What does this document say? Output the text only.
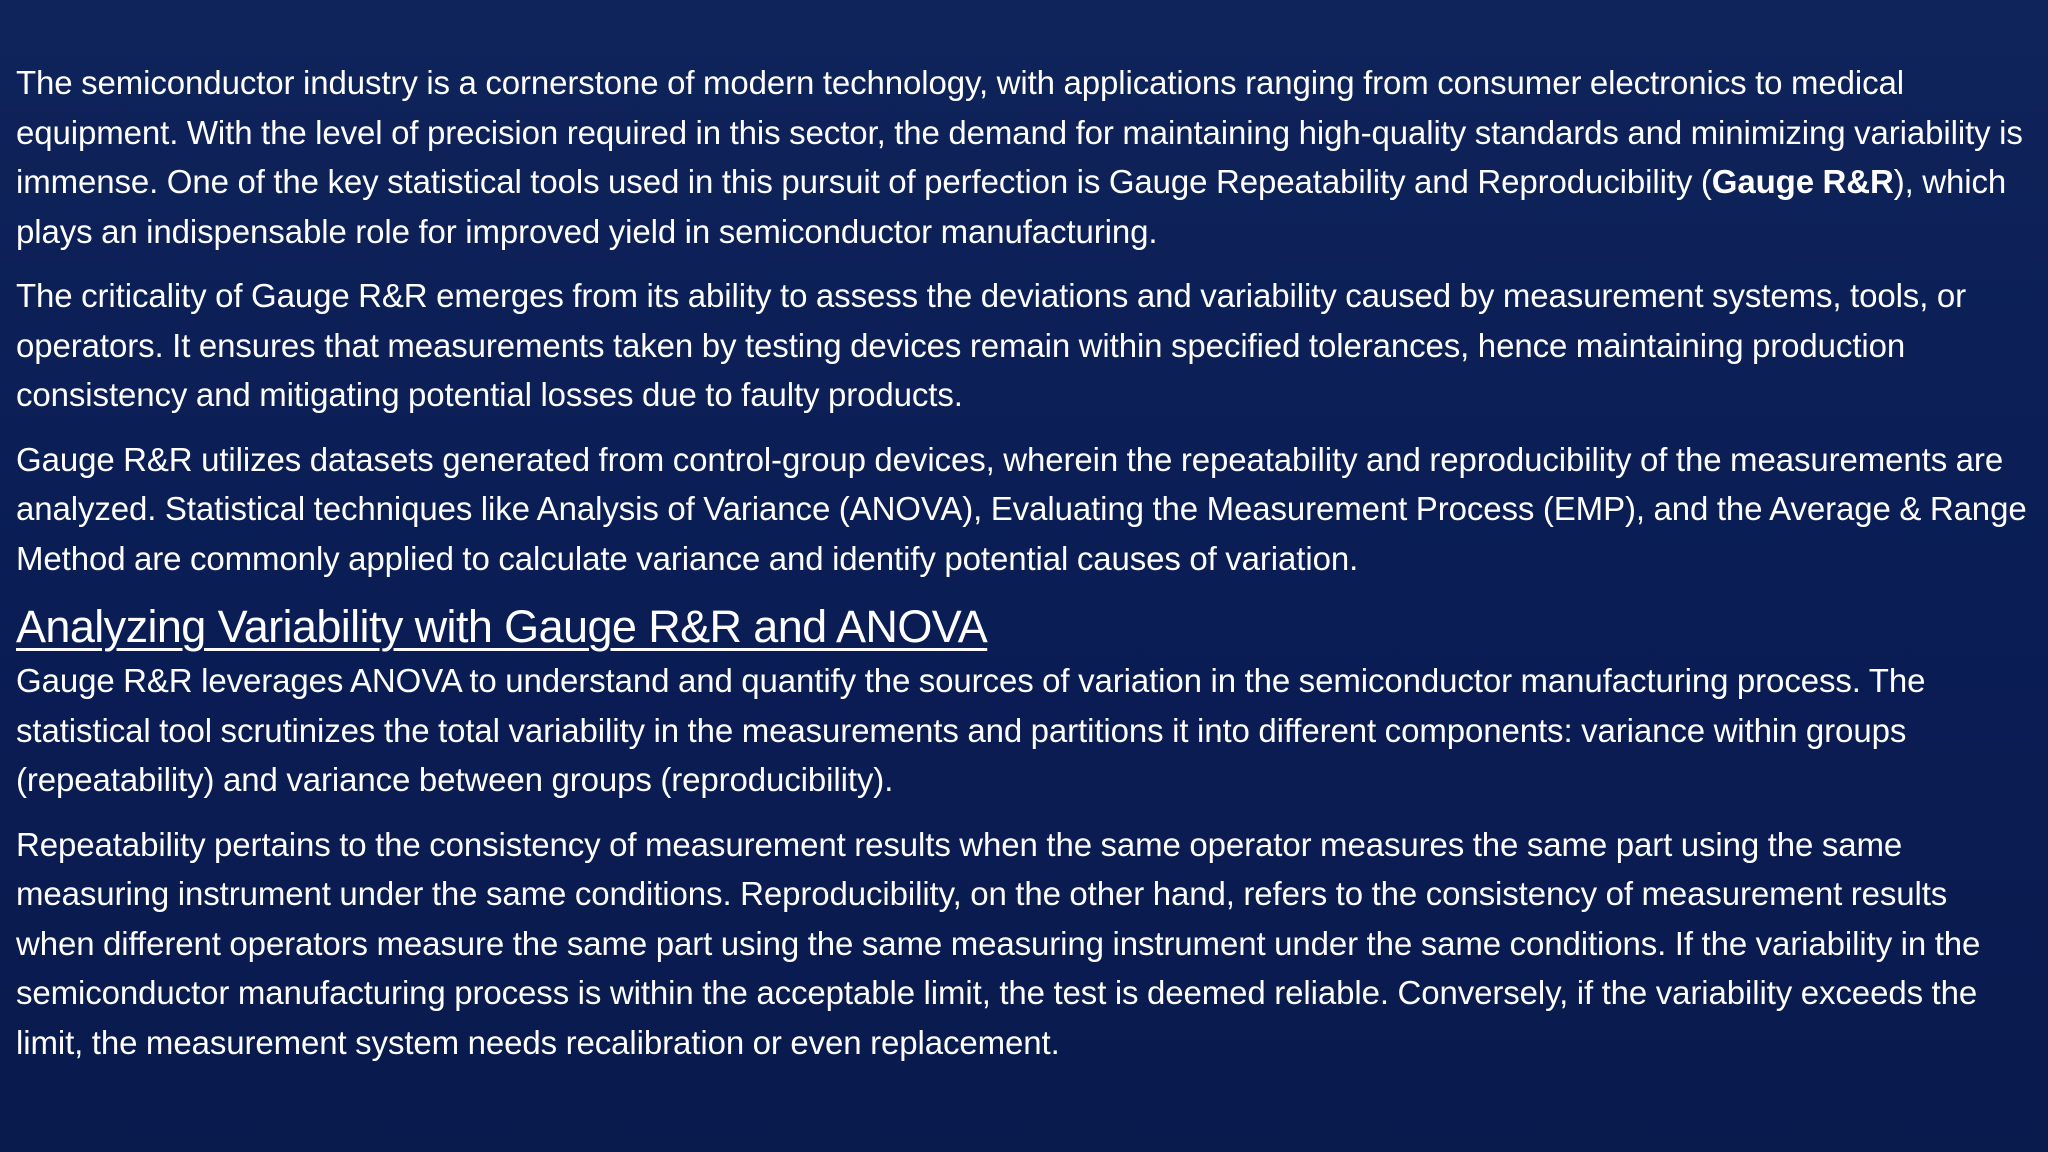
The semiconductor industry is a cornerstone of modern technology, with applications ranging from consumer electronics to medical equipment. With the level of precision required in this sector, the demand for maintaining high-quality standards and minimizing variability is immense. One of the key statistical tools used in this pursuit of perfection is Gauge Repeatability and Reproducibility (Gauge R&R), which plays an indispensable role for improved yield in semiconductor manufacturing.

The criticality of Gauge R&R emerges from its ability to assess the deviations and variability caused by measurement systems, tools, or operators. It ensures that measurements taken by testing devices remain within specified tolerances, hence maintaining production consistency and mitigating potential losses due to faulty products.

Gauge R&R utilizes datasets generated from control-group devices, wherein the repeatability and reproducibility of the measurements are analyzed. Statistical techniques like Analysis of Variance (ANOVA), Evaluating the Measurement Process (EMP), and the Average & Range Method are commonly applied to calculate variance and identify potential causes of variation.

Analyzing Variability with Gauge R&R and ANOVA

Gauge R&R leverages ANOVA to understand and quantify the sources of variation in the semiconductor manufacturing process. The statistical tool scrutinizes the total variability in the measurements and partitions it into different components: variance within groups (repeatability) and variance between groups (reproducibility).

Repeatability pertains to the consistency of measurement results when the same operator measures the same part using the same measuring instrument under the same conditions. Reproducibility, on the other hand, refers to the consistency of measurement results when different operators measure the same part using the same measuring instrument under the same conditions. If the variability in the semiconductor manufacturing process is within the acceptable limit, the test is deemed reliable. Conversely, if the variability exceeds the limit, the measurement system needs recalibration or even replacement.
